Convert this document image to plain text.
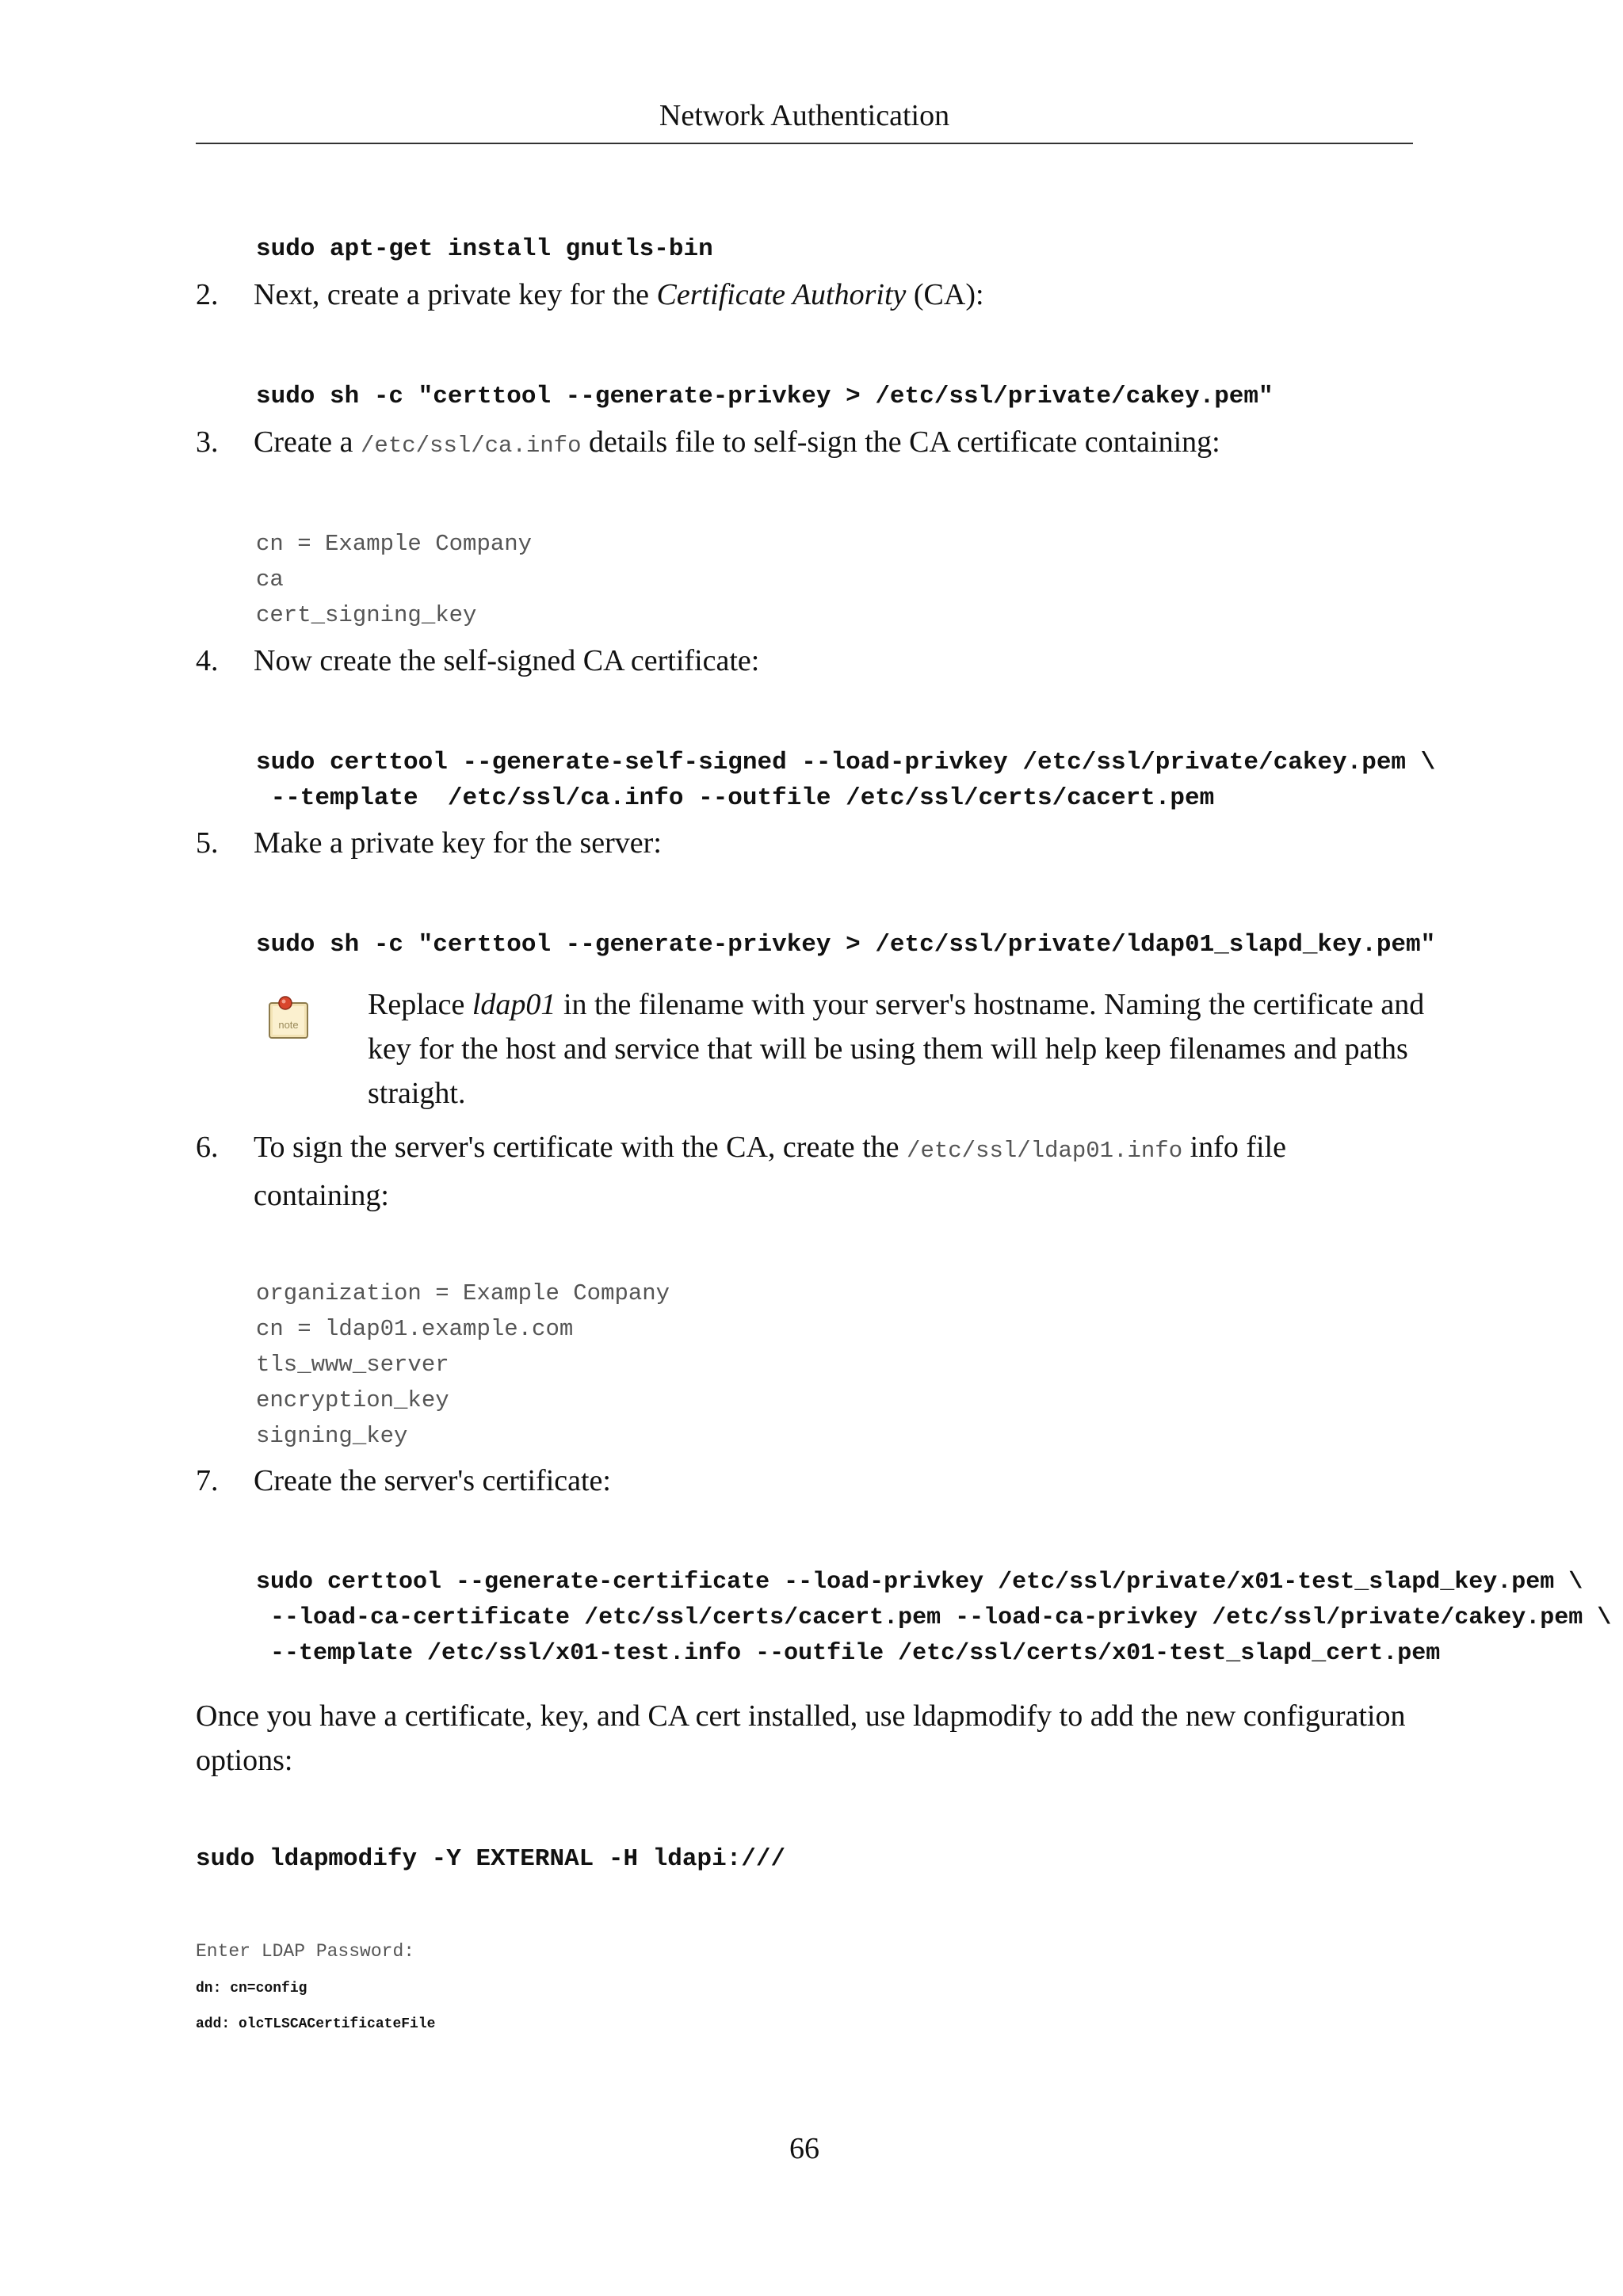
Network Authentication
sudo apt-get install gnutls-bin
2. Next, create a private key for the Certificate Authority (CA):
sudo sh -c "certtool --generate-privkey > /etc/ssl/private/cakey.pem"
3. Create a /etc/ssl/ca.info details file to self-sign the CA certificate containing:
cn = Example Company
ca
cert_signing_key
4. Now create the self-signed CA certificate:
sudo certtool --generate-self-signed --load-privkey /etc/ssl/private/cakey.pem \
--template  /etc/ssl/ca.info --outfile /etc/ssl/certs/cacert.pem
5. Make a private key for the server:
sudo sh -c "certtool --generate-privkey > /etc/ssl/private/ldap01_slapd_key.pem"
note
Replace ldap01 in the filename with your server's hostname. Naming the certificate and key for the host and service that will be using them will help keep filenames and paths straight.
6. To sign the server's certificate with the CA, create the /etc/ssl/ldap01.info info file containing:
organization = Example Company
cn = ldap01.example.com
tls_www_server
encryption_key
signing_key
7. Create the server's certificate:
sudo certtool --generate-certificate --load-privkey /etc/ssl/private/x01-test_slapd_key.pem \
--load-ca-certificate /etc/ssl/certs/cacert.pem --load-ca-privkey /etc/ssl/private/cakey.pem \
--template /etc/ssl/x01-test.info --outfile /etc/ssl/certs/x01-test_slapd_cert.pem
Once you have a certificate, key, and CA cert installed, use ldapmodify to add the new configuration options:
sudo ldapmodify -Y EXTERNAL -H ldapi:///
Enter LDAP Password:
dn: cn=config
add: olcTLSCACertificateFile
66
